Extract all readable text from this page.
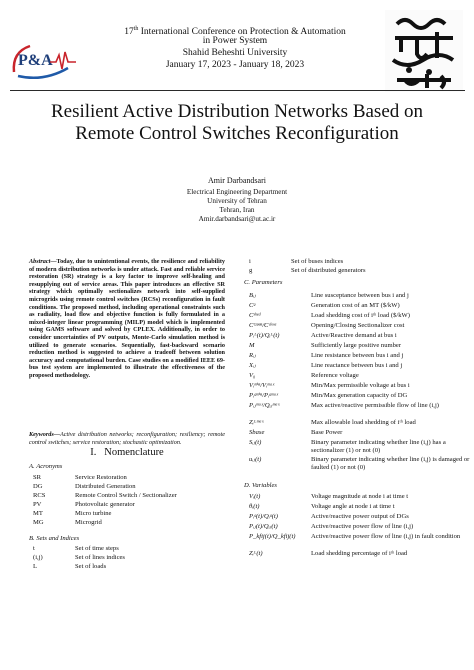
P&A
17th International Conference on Protection & Automation
in Power System
Shahid Beheshti University
January 17, 2023 - January 18, 2023
Resilient Active Distribution Networks Based on
Remote Control Switches Reconfiguration
Amir Darbandsari
Electrical Engineering Department
University of Tehran
Tehran, Iran
Amir.darbandsari@ut.ac.ir
Abstract—Today, due to unintentional events, the resilience and reliability of modern distribution networks is under attack. Fast and reliable service restoration (SR) strategy is a key factor to improve self-healing and resupplying out of service areas. This paper introduces an effective SR strategy which optimally sectionalizes network into self-supplied microgrids using remote control switches (RCSs) reconfiguration in fault conditions. The proposed method, including operational constraints such as radiality, load flow and objective function is fully formulated in a mixed-integer linear programming (MILP) model which is implemented using GAMS software and solved by CPLEX. Additionally, in order to consider uncertainties of PV outputs, Monte-Carlo simulation method is utilized to generate scenarios. Sequentially, fast-backward scenario reduction method is suggested to achieve a tradeoff between solution accuracy and computational burden. Case studies on a modified IEEE 69-bus test system are implemented to illustrate the effectiveness of the proposed methodology.
Keywords—Active distribution networks; reconfiguration; resiliency; remote control switches; service restoration; stochastic optimization.
I. Nomenclature
A. Acronyms
SR	Service Restoration
DG	Distributed Generation
RCS	Remote Control Switch / Sectionalizer
PV	Photovoltaic generator
MT	Micro turbine
MG	Microgrid
B. Sets and Indices
t	Set of time steps
(i,j)	Set of lines indices
L	Set of loads
i	Set of buses indices
g	Set of distributed generators
C. Parameters
Bᵢⱼ	Line susceptance between bus i and j
Cᵍ	Generation cost of an MT ($/kW)
Cˢʰᵉᵈ	Load shedding cost of iᵗʰ load ($/kW)
Cᴼᵖᵉⁿ/Cᶜˡᵒˢᵉ	Opening/Closing Sectionalizer cost
Pᵢᴸ(t)/Qᵢᴸ(t)	Active/Reactive demand at bus i
M	Sufficiently large positive number
Rᵢⱼ	Line resistance between bus i and j
Xᵢⱼ	Line reactance between bus i and j
V₀	Reference voltage
Vᵢᵐⁱⁿ/Vᵢᵐᵃˣ	Min/Max permissible voltage at bus i
Pᵢᵍᵐⁱⁿ/Pᵢᵍᵐᵃˣ	Min/Max generation capacity of DG
Pᵢⱼᵐᵃˣ/Qᵢⱼᵐᵃˣ	Max active/reactive permissible flow of line (i,j)
Zᵢᴸᵐᵃˣ	Max allowable load shedding of iᵗʰ load
Sbase	Base Power
Sᵢⱼ(t)	Binary parameter indicating whether line (i,j) has a sectionalizer (1) or not (0)
uᵢⱼ(t)	Binary parameter indicating whether line (i,j) is damaged or faulted (1) or not (0)
D. Variables
Vᵢ(t)	Voltage magnitude at node i at time t
θᵢ(t)	Voltage angle at node i at time t
Pᵢᵍ(t)/Qᵢᵍ(t)	Active/reactive power output of DGs
Pᵢⱼ(t)/Qᵢⱼ(t)	Active/reactive power flow of line (i,j)
P_kfij(t)/Q_kfij(t) Active/reactive power flow of line (i,j) in fault condition
Zᵢᴸ(t)	Load shedding percentage of iᵗʰ load
